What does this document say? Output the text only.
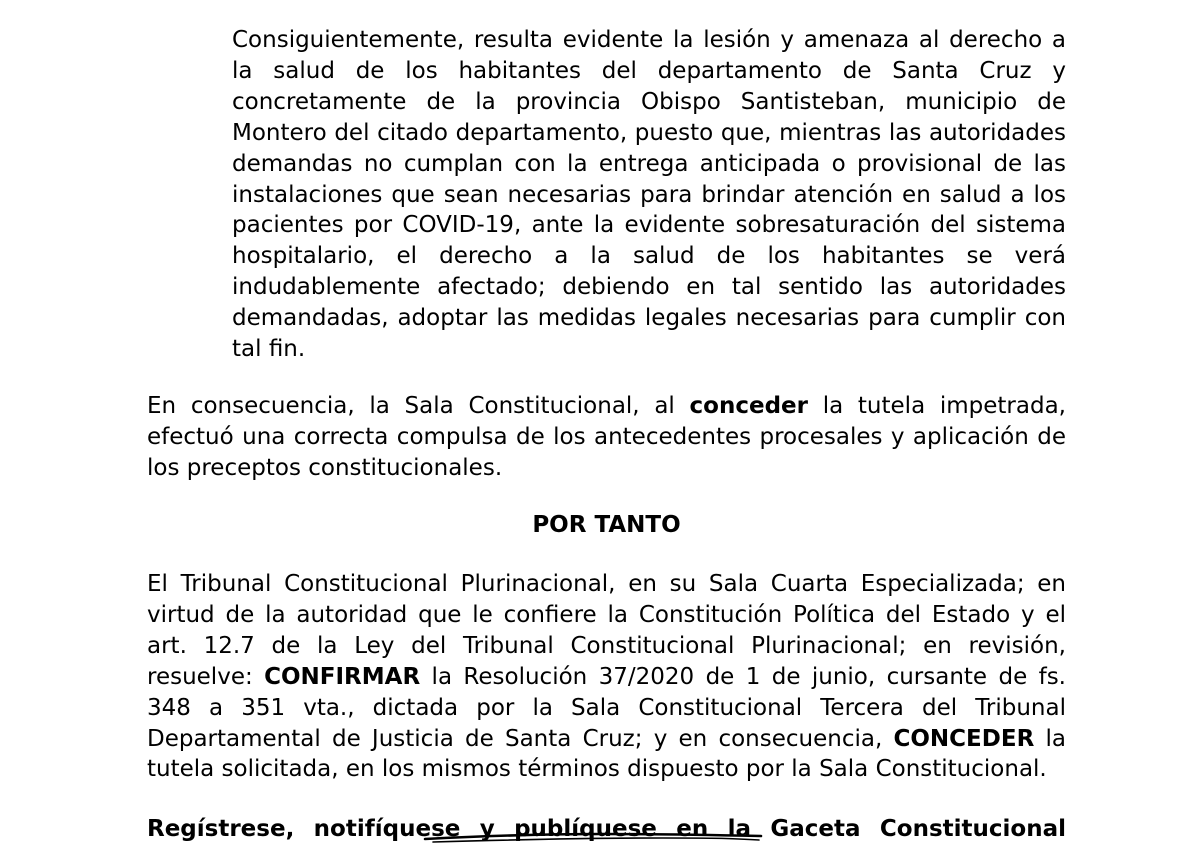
Consiguientemente, resulta evidente la lesión y amenaza al derecho a la salud de los habitantes del departamento de Santa Cruz y concretamente de la provincia Obispo Santisteban, municipio de Montero del citado departamento, puesto que, mientras las autoridades demandas no cumplan con la entrega anticipada o provisional de las instalaciones que sean necesarias para brindar atención en salud a los pacientes por COVID-19, ante la evidente sobresaturación del sistema hospitalario, el derecho a la salud de los habitantes se verá indudablemente afectado; debiendo en tal sentido las autoridades demandadas, adoptar las medidas legales necesarias para cumplir con tal fin.

En consecuencia, la Sala Constitucional, al conceder la tutela impetrada, efectuó una correcta compulsa de los antecedentes procesales y aplicación de los preceptos constitucionales.

POR TANTO

El Tribunal Constitucional Plurinacional, en su Sala Cuarta Especializada; en virtud de la autoridad que le confiere la Constitución Política del Estado y el art. 12.7 de la Ley del Tribunal Constitucional Plurinacional; en revisión, resuelve: CONFIRMAR la Resolución 37/2020 de 1 de junio, cursante de fs. 348 a 351 vta., dictada por la Sala Constitucional Tercera del Tribunal Departamental de Justicia de Santa Cruz; y en consecuencia, CONCEDER la tutela solicitada, en los mismos términos dispuesto por la Sala Constitucional.

Regístrese, notifíquese y publíquese en la Gaceta Constitucional
